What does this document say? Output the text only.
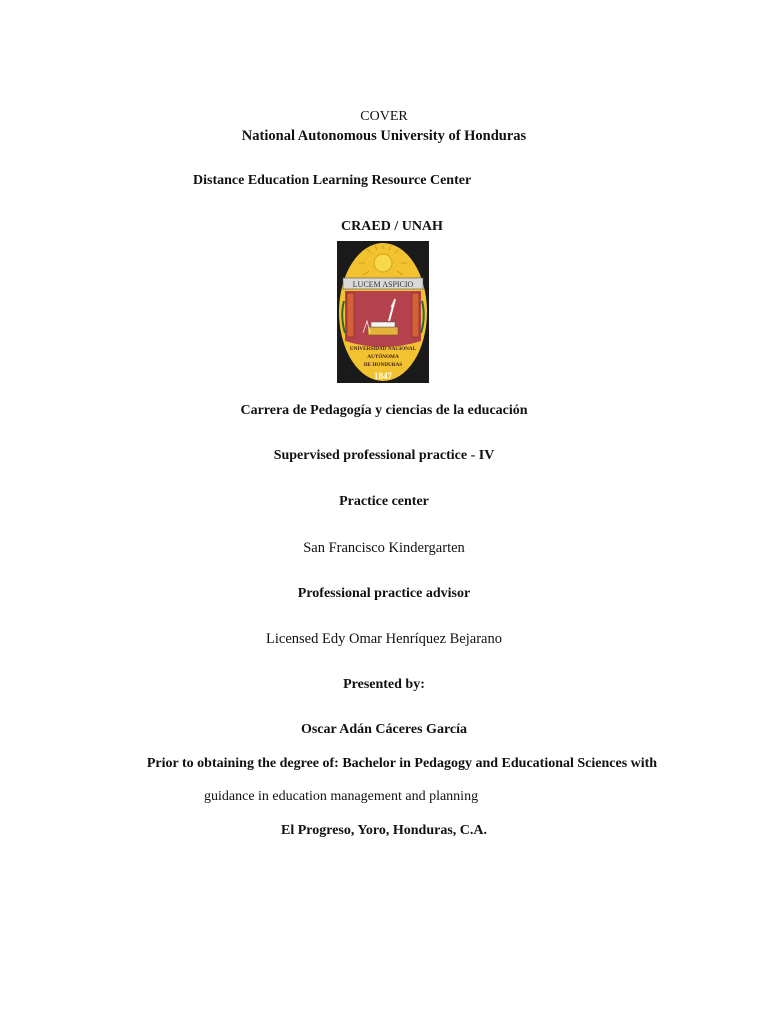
COVER
National Autonomous University of Honduras
Distance Education Learning Resource Center
CRAED / UNAH
LUCEM ASPICIO
UNIVERSIDAD NACIONAL
AUTÓNOMA
DE HONDURAS
1847
Carrera de Pedagogía y ciencias de la educación
Supervised professional practice - IV
Practice center
San Francisco Kindergarten
Professional practice advisor
Licensed Edy Omar Henríquez Bejarano
Presented by:
Oscar Adán Cáceres García
Prior to obtaining the degree of: Bachelor in Pedagogy and Educational Sciences with
guidance in education management and planning
El Progreso, Yoro, Honduras, C.A.
